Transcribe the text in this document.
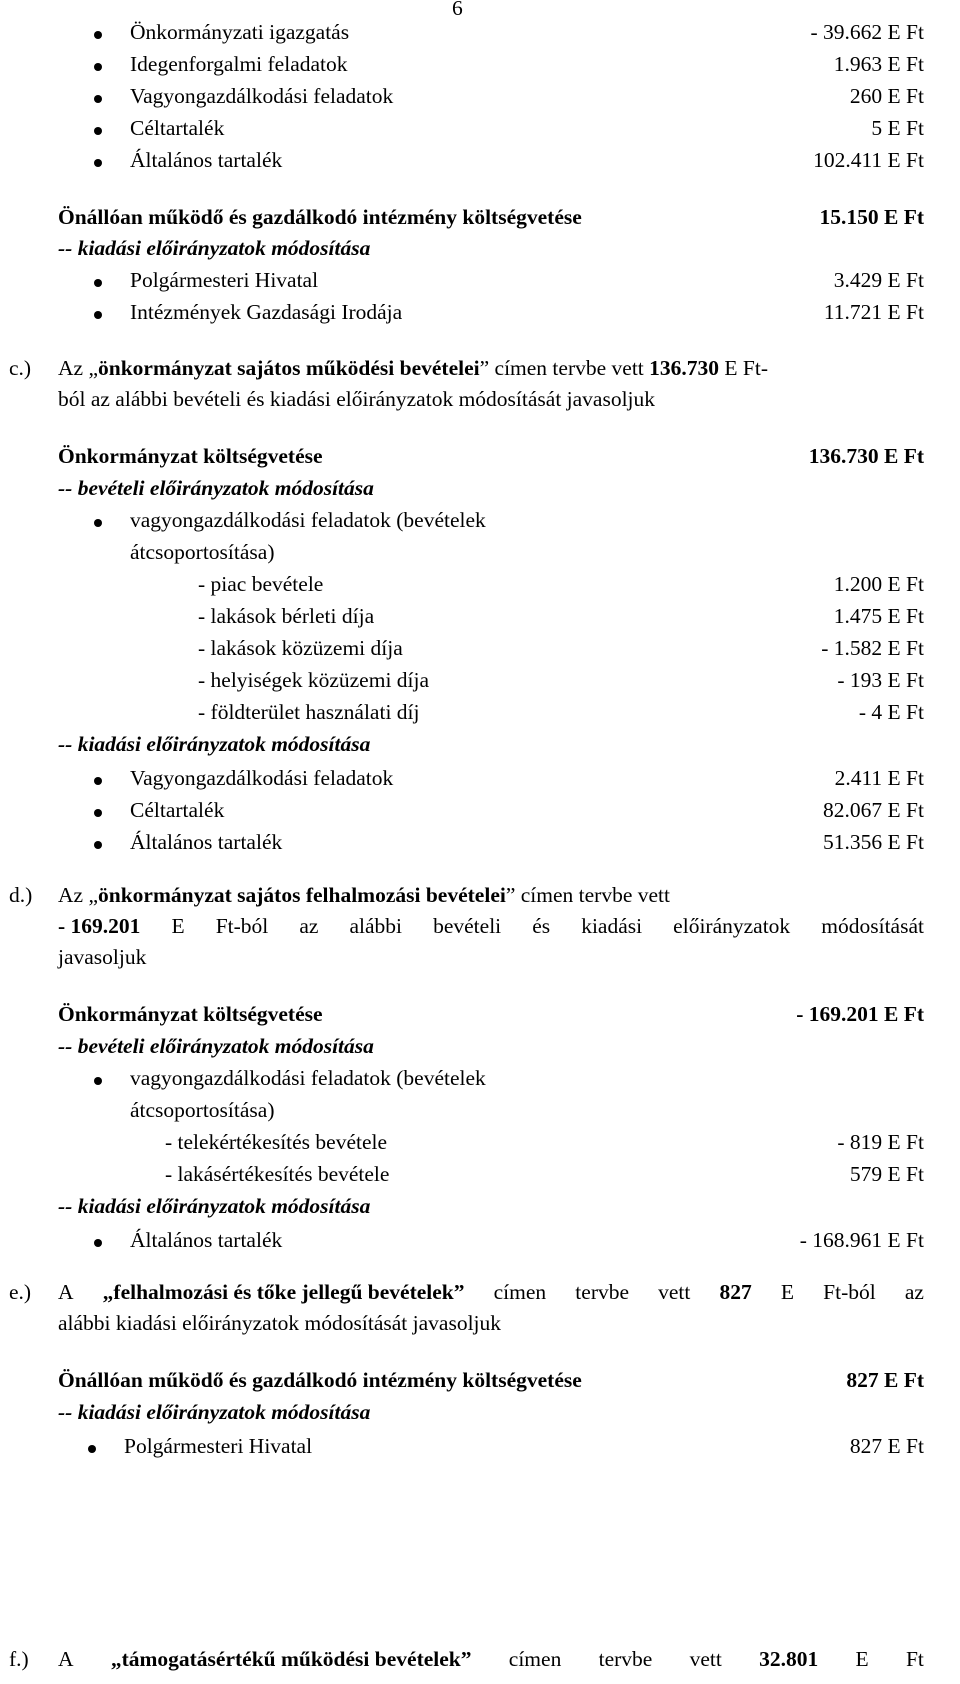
6
Önkormányzati igazgatás	- 39.662 E Ft
Idegenforgalmi feladatok	1.963 E Ft
Vagyongazdálkodási feladatok	260 E Ft
Céltartalék	5 E Ft
Általános tartalék	102.411 E Ft
Önállóan működő és gazdálkodó intézmény költségvetése	15.150 E Ft
-- kiadási előirányzatok módosítása
Polgármesteri Hivatal	3.429 E Ft
Intézmények Gazdasági Irodája	11.721 E Ft
c.) Az „önkormányzat sajátos működési bevételei” címen tervbe vett 136.730 E Ft-
ból az alábbi bevételi és kiadási előirányzatok módosítását javasoljuk
Önkormányzat költségvetése	136.730 E Ft
-- bevételi előirányzatok módosítása
vagyongazdálkodási feladatok (bevételek
átcsoportosítása)
- piac bevétele	1.200 E Ft
- lakások bérleti díja	1.475 E Ft
- lakások közüzemi díja	- 1.582 E Ft
- helyiségek közüzemi díja	- 193 E Ft
- földterület használati díj	- 4 E Ft
-- kiadási előirányzatok módosítása
Vagyongazdálkodási feladatok	2.411 E Ft
Céltartalék	82.067 E Ft
Általános tartalék	51.356 E Ft
d.) Az „önkormányzat sajátos felhalmozási bevételei” címen tervbe vett
- 169.201 E Ft-ból az alábbi bevételi és kiadási előirányzatok módosítását
javasoljuk
Önkormányzat költségvetése	- 169.201 E Ft
-- bevételi előirányzatok módosítása
vagyongazdálkodási feladatok (bevételek
átcsoportosítása)
- telekértékesítés bevétele	- 819 E Ft
- lakásértékesítés bevétele	579 E Ft
-- kiadási előirányzatok módosítása
Általános tartalék	- 168.961 E Ft
e.) A „felhalmozási és tőke jellegű bevételek” címen tervbe vett 827 E Ft-ból az
alábbi kiadási előirányzatok módosítását javasoljuk
Önállóan működő és gazdálkodó intézmény költségvetése	827 E Ft
-- kiadási előirányzatok módosítása
Polgármesteri Hivatal	827 E Ft
f.) A „támogatásértékű működési bevételek” címen tervbe vett 32.801 E Ft
